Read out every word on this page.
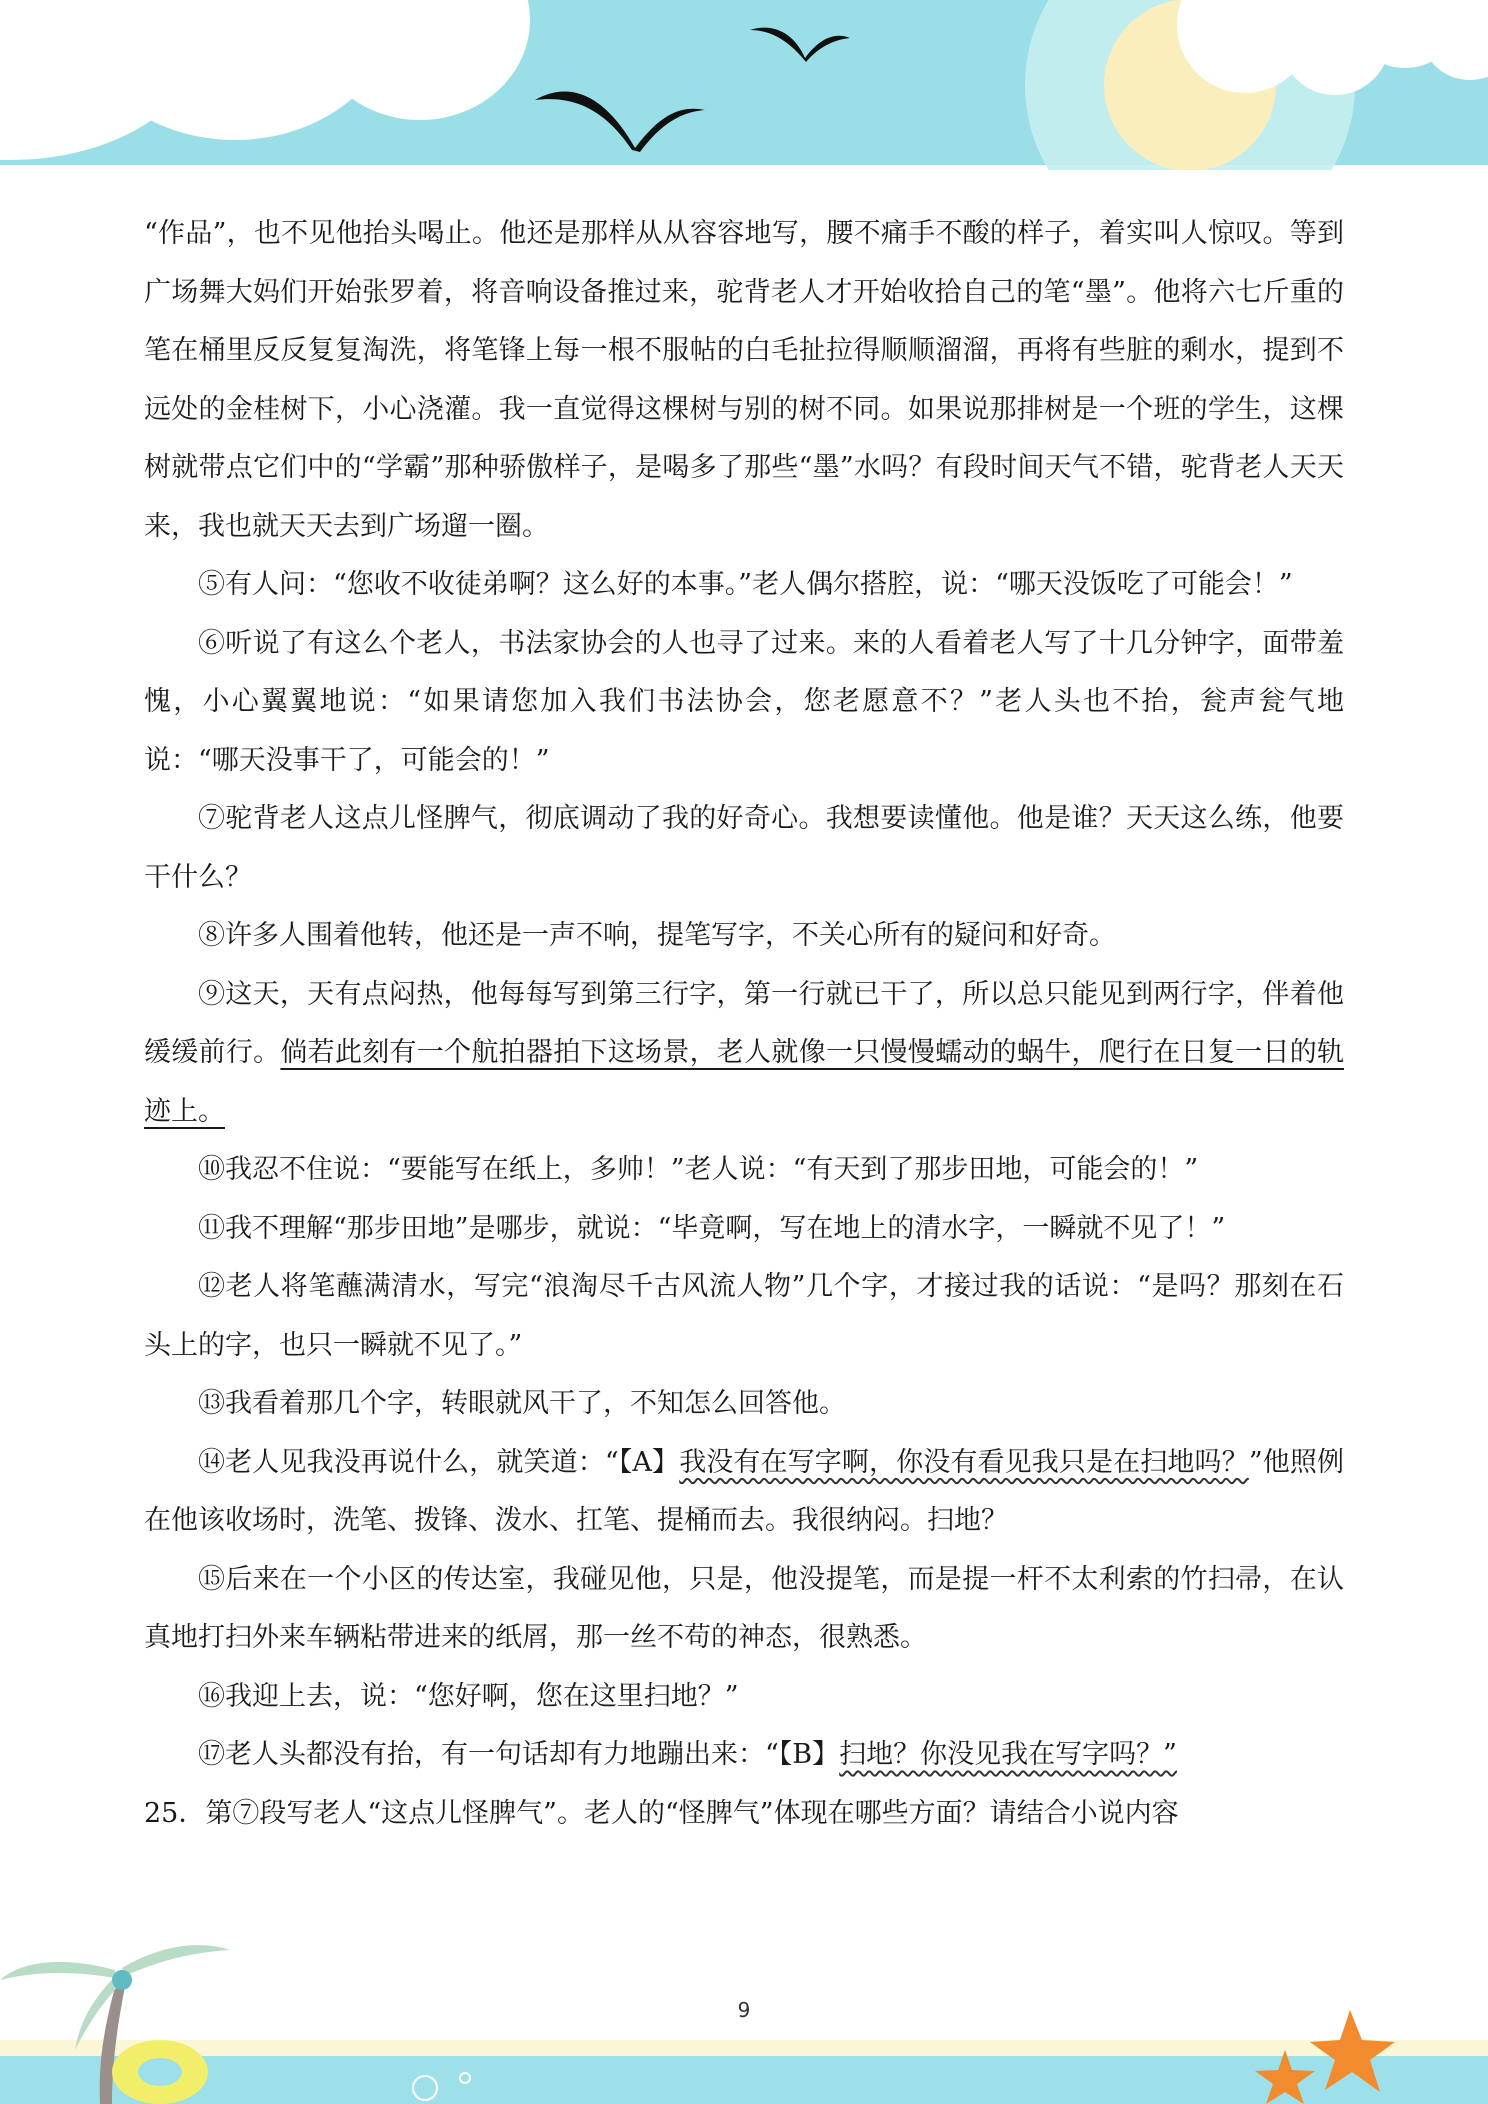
“作品”，也不见他抬头喝止。他还是那样从从容容地写，腰不痛手不酸的样子，着实叫人惊叹。等到广场舞大妈们开始张罗着，将音响设备推过来，驼背老人才开始收拾自己的笔“墨”。他将六七斤重的笔在桶里反反复复淘洗，将笔锋上每一根不服帖的白毛扯拉得顺顺溜溜，再将有些脏的剩水，提到不远处的金桂树下，小心浇灌。我一直觉得这棵树与别的树不同。如果说那排树是一个班的学生，这棵树就带点它们中的“学霸”那种骄傲样子，是喝多了那些“墨”水吗？有段时间天气不错，驼背老人天天来，我也就天天去到广场遛一圈。

⑤有人问：“您收不收徒弟啊？这么好的本事。”老人偶尔搭腔，说：“哪天没饭吃了可能会！”

⑥听说了有这么个老人，书法家协会的人也寻了过来。来的人看着老人写了十几分钟字，面带羞愧，小心翼翼地说：“如果请您加入我们书法协会，您老愿意不？”老人头也不抬，瓮声瓮气地说：“哪天没事干了，可能会的！”

⑦驼背老人这点儿怪脾气，彻底调动了我的好奇心。我想要读懂他。他是谁？天天这么练，他要干什么？

⑧许多人围着他转，他还是一声不响，提笔写字，不关心所有的疑问和好奇。

⑨这天，天有点闷热，他每每写到第三行字，第一行就已干了，所以总只能见到两行字，伴着他缓缓前行。倘若此刻有一个航拍器拍下这场景，老人就像一只慢慢蠕动的蜗牛，爬行在日复一日的轨迹上。

⑩我忍不住说：“要能写在纸上，多帅！”老人说：“有天到了那步田地，可能会的！”

⑪我不理解“那步田地”是哪步，就说：“毕竟啊，写在地上的清水字，一瞬就不见了！”

⑫老人将笔蘸满清水，写完“浪淘尽千古风流人物”几个字，才接过我的话说：“是吗？那刻在石头上的字，也只一瞬就不见了。”

⑬我看着那几个字，转眼就风干了，不知怎么回答他。

⑭老人见我没再说什么，就笑道：“【A】我没有在写字啊，你没有看见我只是在扫地吗？”他照例在他该收场时，洗笔、拨锋、泼水、扛笔、提桶而去。我很纳闷。扫地？

⑮后来在一个小区的传达室，我碰见他，只是，他没提笔，而是提一杆不太利索的竹扫帚，在认真地打扫外来车辆粘带进来的纸屑，那一丝不苟的神态，很熟悉。

⑯我迎上去，说：“您好啊，您在这里扫地？”

⑰老人头都没有抬，有一句话却有力地蹦出来：“【B】扫地？你没见我在写字吗？”

25．第⑦段写老人“这点儿怪脾气”。老人的“怪脾气”体现在哪些方面？请结合小说内容

9
